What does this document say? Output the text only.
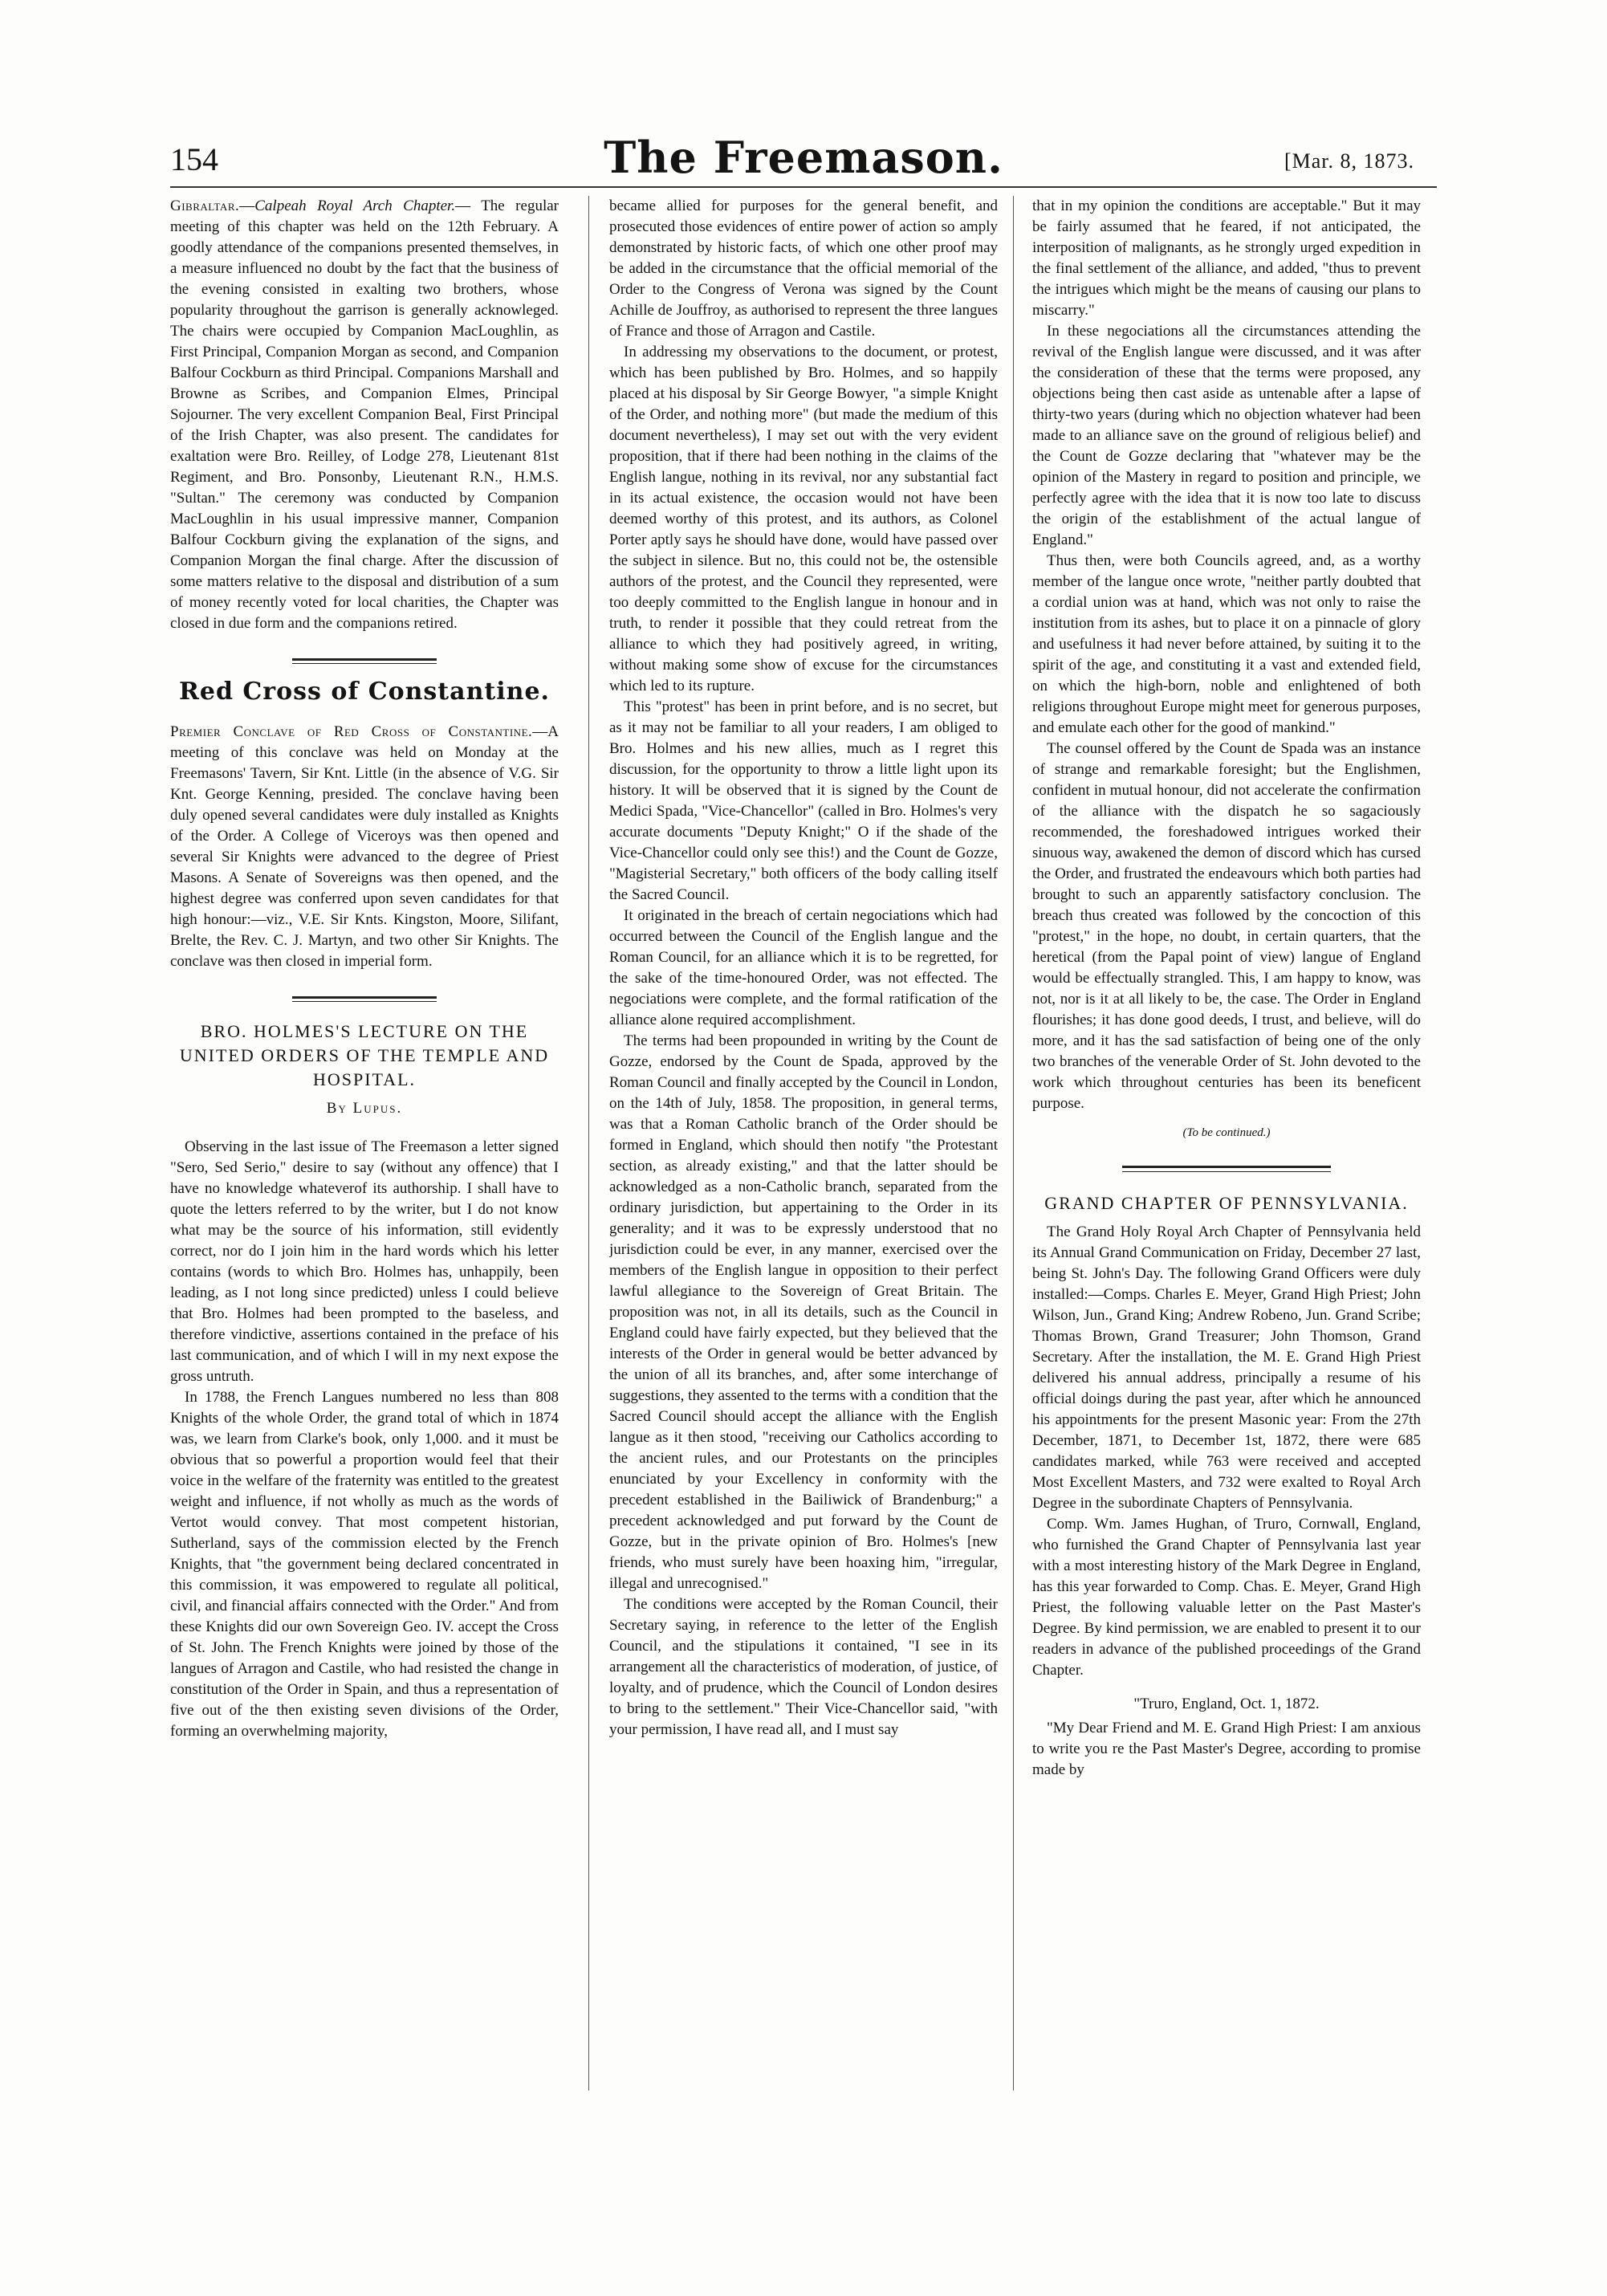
154	The Freemason.	[Mar. 8, 1873.

Gibraltar.—Calpeah Royal Arch Chapter.— The regular meeting of this chapter was held on the 12th February. A goodly attendance of the companions presented themselves, in a measure influenced no doubt by the fact that the business of the evening consisted in exalting two brothers, whose popularity throughout the garrison is generally acknowleged. The chairs were occupied by Companion MacLoughlin, as First Principal, Companion Morgan as second, and Companion Balfour Cockburn as third Principal. Companions Marshall and Browne as Scribes, and Companion Elmes, Principal Sojourner. The very excellent Companion Beal, First Principal of the Irish Chapter, was also present. The candidates for exaltation were Bro. Reilley, of Lodge 278, Lieutenant 81st Regiment, and Bro. Ponsonby, Lieutenant R.N., H.M.S. "Sultan." The ceremony was conducted by Companion MacLoughlin in his usual impressive manner, Companion Balfour Cockburn giving the explanation of the signs, and Companion Morgan the final charge. After the discussion of some matters relative to the disposal and distribution of a sum of money recently voted for local charities, the Chapter was closed in due form and the companions retired.

Red Cross of Constantine.

Premier Conclave of Red Cross of Constantine.—A meeting of this conclave was held on Monday at the Freemasons' Tavern, Sir Knt. Little (in the absence of V.G. Sir Knt. George Kenning, presided. The conclave having been duly opened several candidates were duly installed as Knights of the Order. A College of Viceroys was then opened and several Sir Knights were advanced to the degree of Priest Masons. A Senate of Sovereigns was then opened, and the highest degree was conferred upon seven candidates for that high honour:—viz., V.E. Sir Knts. Kingston, Moore, Silifant, Brelte, the Rev. C. J. Martyn, and two other Sir Knights. The conclave was then closed in imperial form.

BRO. HOLMES'S LECTURE ON THE UNITED ORDERS OF THE TEMPLE AND HOSPITAL.
By Lupus.

Observing in the last issue of The Freemason a letter signed "Sero, Sed Serio," desire to say (without any offence) that I have no knowledge whateverof its authorship. I shall have to quote the letters referred to by the writer, but I do not know what may be the source of his information, still evidently correct, nor do I join him in the hard words which his letter contains (words to which Bro. Holmes has, unhappily, been leading, as I not long since predicted) unless I could believe that Bro. Holmes had been prompted to the baseless, and therefore vindictive, assertions contained in the preface of his last communication, and of which I will in my next expose the gross untruth.

In 1788, the French Langues numbered no less than 808 Knights of the whole Order, the grand total of which in 1874 was, we learn from Clarke's book, only 1,000. and it must be obvious that so powerful a proportion would feel that their voice in the welfare of the fraternity was entitled to the greatest weight and influence, if not wholly as much as the words of Vertot would convey. That most competent historian, Sutherland, says of the commission elected by the French Knights, that "the government being declared concentrated in this commission, it was empowered to regulate all political, civil, and financial affairs connected with the Order." And from these Knights did our own Sovereign Geo. IV. accept the Cross of St. John. The French Knights were joined by those of the langues of Arragon and Castile, who had resisted the change in constitution of the Order in Spain, and thus a representation of five out of the then existing seven divisions of the Order, forming an overwhelming majority,

became allied for purposes for the general benefit, and prosecuted those evidences of entire power of action so amply demonstrated by historic facts, of which one other proof may be added in the circumstance that the official memorial of the Order to the Congress of Verona was signed by the Count Achille de Jouffroy, as authorised to represent the three langues of France and those of Arragon and Castile.

In addressing my observations to the document, or protest, which has been published by Bro. Holmes, and so happily placed at his disposal by Sir George Bowyer, "a simple Knight of the Order, and nothing more" (but made the medium of this document nevertheless), I may set out with the very evident proposition, that if there had been nothing in the claims of the English langue, nothing in its revival, nor any substantial fact in its actual existence, the occasion would not have been deemed worthy of this protest, and its authors, as Colonel Porter aptly says he should have done, would have passed over the subject in silence. But no, this could not be, the ostensible authors of the protest, and the Council they represented, were too deeply committed to the English langue in honour and in truth, to render it possible that they could retreat from the alliance to which they had positively agreed, in writing, without making some show of excuse for the circumstances which led to its rupture.

This "protest" has been in print before, and is no secret, but as it may not be familiar to all your readers, I am obliged to Bro. Holmes and his new allies, much as I regret this discussion, for the opportunity to throw a little light upon its history. It will be observed that it is signed by the Count de Medici Spada, "Vice-Chancellor" (called in Bro. Holmes's very accurate documents "Deputy Knight;" O if the shade of the Vice-Chancellor could only see this!) and the Count de Gozze, "Magisterial Secretary," both officers of the body calling itself the Sacred Council.

It originated in the breach of certain negociations which had occurred between the Council of the English langue and the Roman Council, for an alliance which it is to be regretted, for the sake of the time-honoured Order, was not effected. The negociations were complete, and the formal ratification of the alliance alone required accomplishment.

The terms had been propounded in writing by the Count de Gozze, endorsed by the Count de Spada, approved by the Roman Council and finally accepted by the Council in London, on the 14th of July, 1858. The proposition, in general terms, was that a Roman Catholic branch of the Order should be formed in England, which should then notify "the Protestant section, as already existing," and that the latter should be acknowledged as a non-Catholic branch, separated from the ordinary jurisdiction, but appertaining to the Order in its generality; and it was to be expressly understood that no jurisdiction could be ever, in any manner, exercised over the members of the English langue in opposition to their perfect lawful allegiance to the Sovereign of Great Britain. The proposition was not, in all its details, such as the Council in England could have fairly expected, but they believed that the interests of the Order in general would be better advanced by the union of all its branches, and, after some interchange of suggestions, they assented to the terms with a condition that the Sacred Council should accept the alliance with the English langue as it then stood, "receiving our Catholics according to the ancient rules, and our Protestants on the principles enunciated by your Excellency in conformity with the precedent established in the Bailiwick of Brandenburg;" a precedent acknowledged and put forward by the Count de Gozze, but in the private opinion of Bro. Holmes's [new friends, who must surely have been hoaxing him, "irregular, illegal and unrecognised."

The conditions were accepted by the Roman Council, their Secretary saying, in reference to the letter of the English Council, and the stipulations it contained, "I see in its arrangement all the characteristics of moderation, of justice, of loyalty, and of prudence, which the Council of London desires to bring to the settlement." Their Vice-Chancellor said, "with your permission, I have read all, and I must say

that in my opinion the conditions are acceptable." But it may be fairly assumed that he feared, if not anticipated, the interposition of malignants, as he strongly urged expedition in the final settlement of the alliance, and added, "thus to prevent the intrigues which might be the means of causing our plans to miscarry."

In these negociations all the circumstances attending the revival of the English langue were discussed, and it was after the consideration of these that the terms were proposed, any objections being then cast aside as untenable after a lapse of thirty-two years (during which no objection whatever had been made to an alliance save on the ground of religious belief) and the Count de Gozze declaring that "whatever may be the opinion of the Mastery in regard to position and principle, we perfectly agree with the idea that it is now too late to discuss the origin of the establishment of the actual langue of England."

Thus then, were both Councils agreed, and, as a worthy member of the langue once wrote, "neither partly doubted that a cordial union was at hand, which was not only to raise the institution from its ashes, but to place it on a pinnacle of glory and usefulness it had never before attained, by suiting it to the spirit of the age, and constituting it a vast and extended field, on which the high-born, noble and enlightened of both religions throughout Europe might meet for generous purposes, and emulate each other for the good of mankind."

The counsel offered by the Count de Spada was an instance of strange and remarkable foresight; but the Englishmen, confident in mutual honour, did not accelerate the confirmation of the alliance with the dispatch he so sagaciously recommended, the foreshadowed intrigues worked their sinuous way, awakened the demon of discord which has cursed the Order, and frustrated the endeavours which both parties had brought to such an apparently satisfactory conclusion. The breach thus created was followed by the concoction of this "protest," in the hope, no doubt, in certain quarters, that the heretical (from the Papal point of view) langue of England would be effectually strangled. This, I am happy to know, was not, nor is it at all likely to be, the case. The Order in England flourishes; it has done good deeds, I trust, and believe, will do more, and it has the sad satisfaction of being one of the only two branches of the venerable Order of St. John devoted to the work which throughout centuries has been its beneficent purpose.

(To be continued.)
GRAND CHAPTER OF PENNSYLVANIA.

The Grand Holy Royal Arch Chapter of Pennsylvania held its Annual Grand Communication on Friday, December 27 last, being St. John's Day. The following Grand Officers were duly installed:—Comps. Charles E. Meyer, Grand High Priest; John Wilson, Jun., Grand King; Andrew Robeno, Jun. Grand Scribe; Thomas Brown, Grand Treasurer; John Thomson, Grand Secretary. After the installation, the M. E. Grand High Priest delivered his annual address, principally a resume of his official doings during the past year, after which he announced his appointments for the present Masonic year: From the 27th December, 1871, to December 1st, 1872, there were 685 candidates marked, while 763 were received and accepted Most Excellent Masters, and 732 were exalted to Royal Arch Degree in the subordinate Chapters of Pennsylvania.

Comp. Wm. James Hughan, of Truro, Cornwall, England, who furnished the Grand Chapter of Pennsylvania last year with a most interesting history of the Mark Degree in England, has this year forwarded to Comp. Chas. E. Meyer, Grand High Priest, the following valuable letter on the Past Master's Degree. By kind permission, we are enabled to present it to our readers in advance of the published proceedings of the Grand Chapter.

"Truro, England, Oct. 1, 1872.

"My Dear Friend and M. E. Grand High Priest: I am anxious to write you re the Past Master's Degree, according to promise made by
